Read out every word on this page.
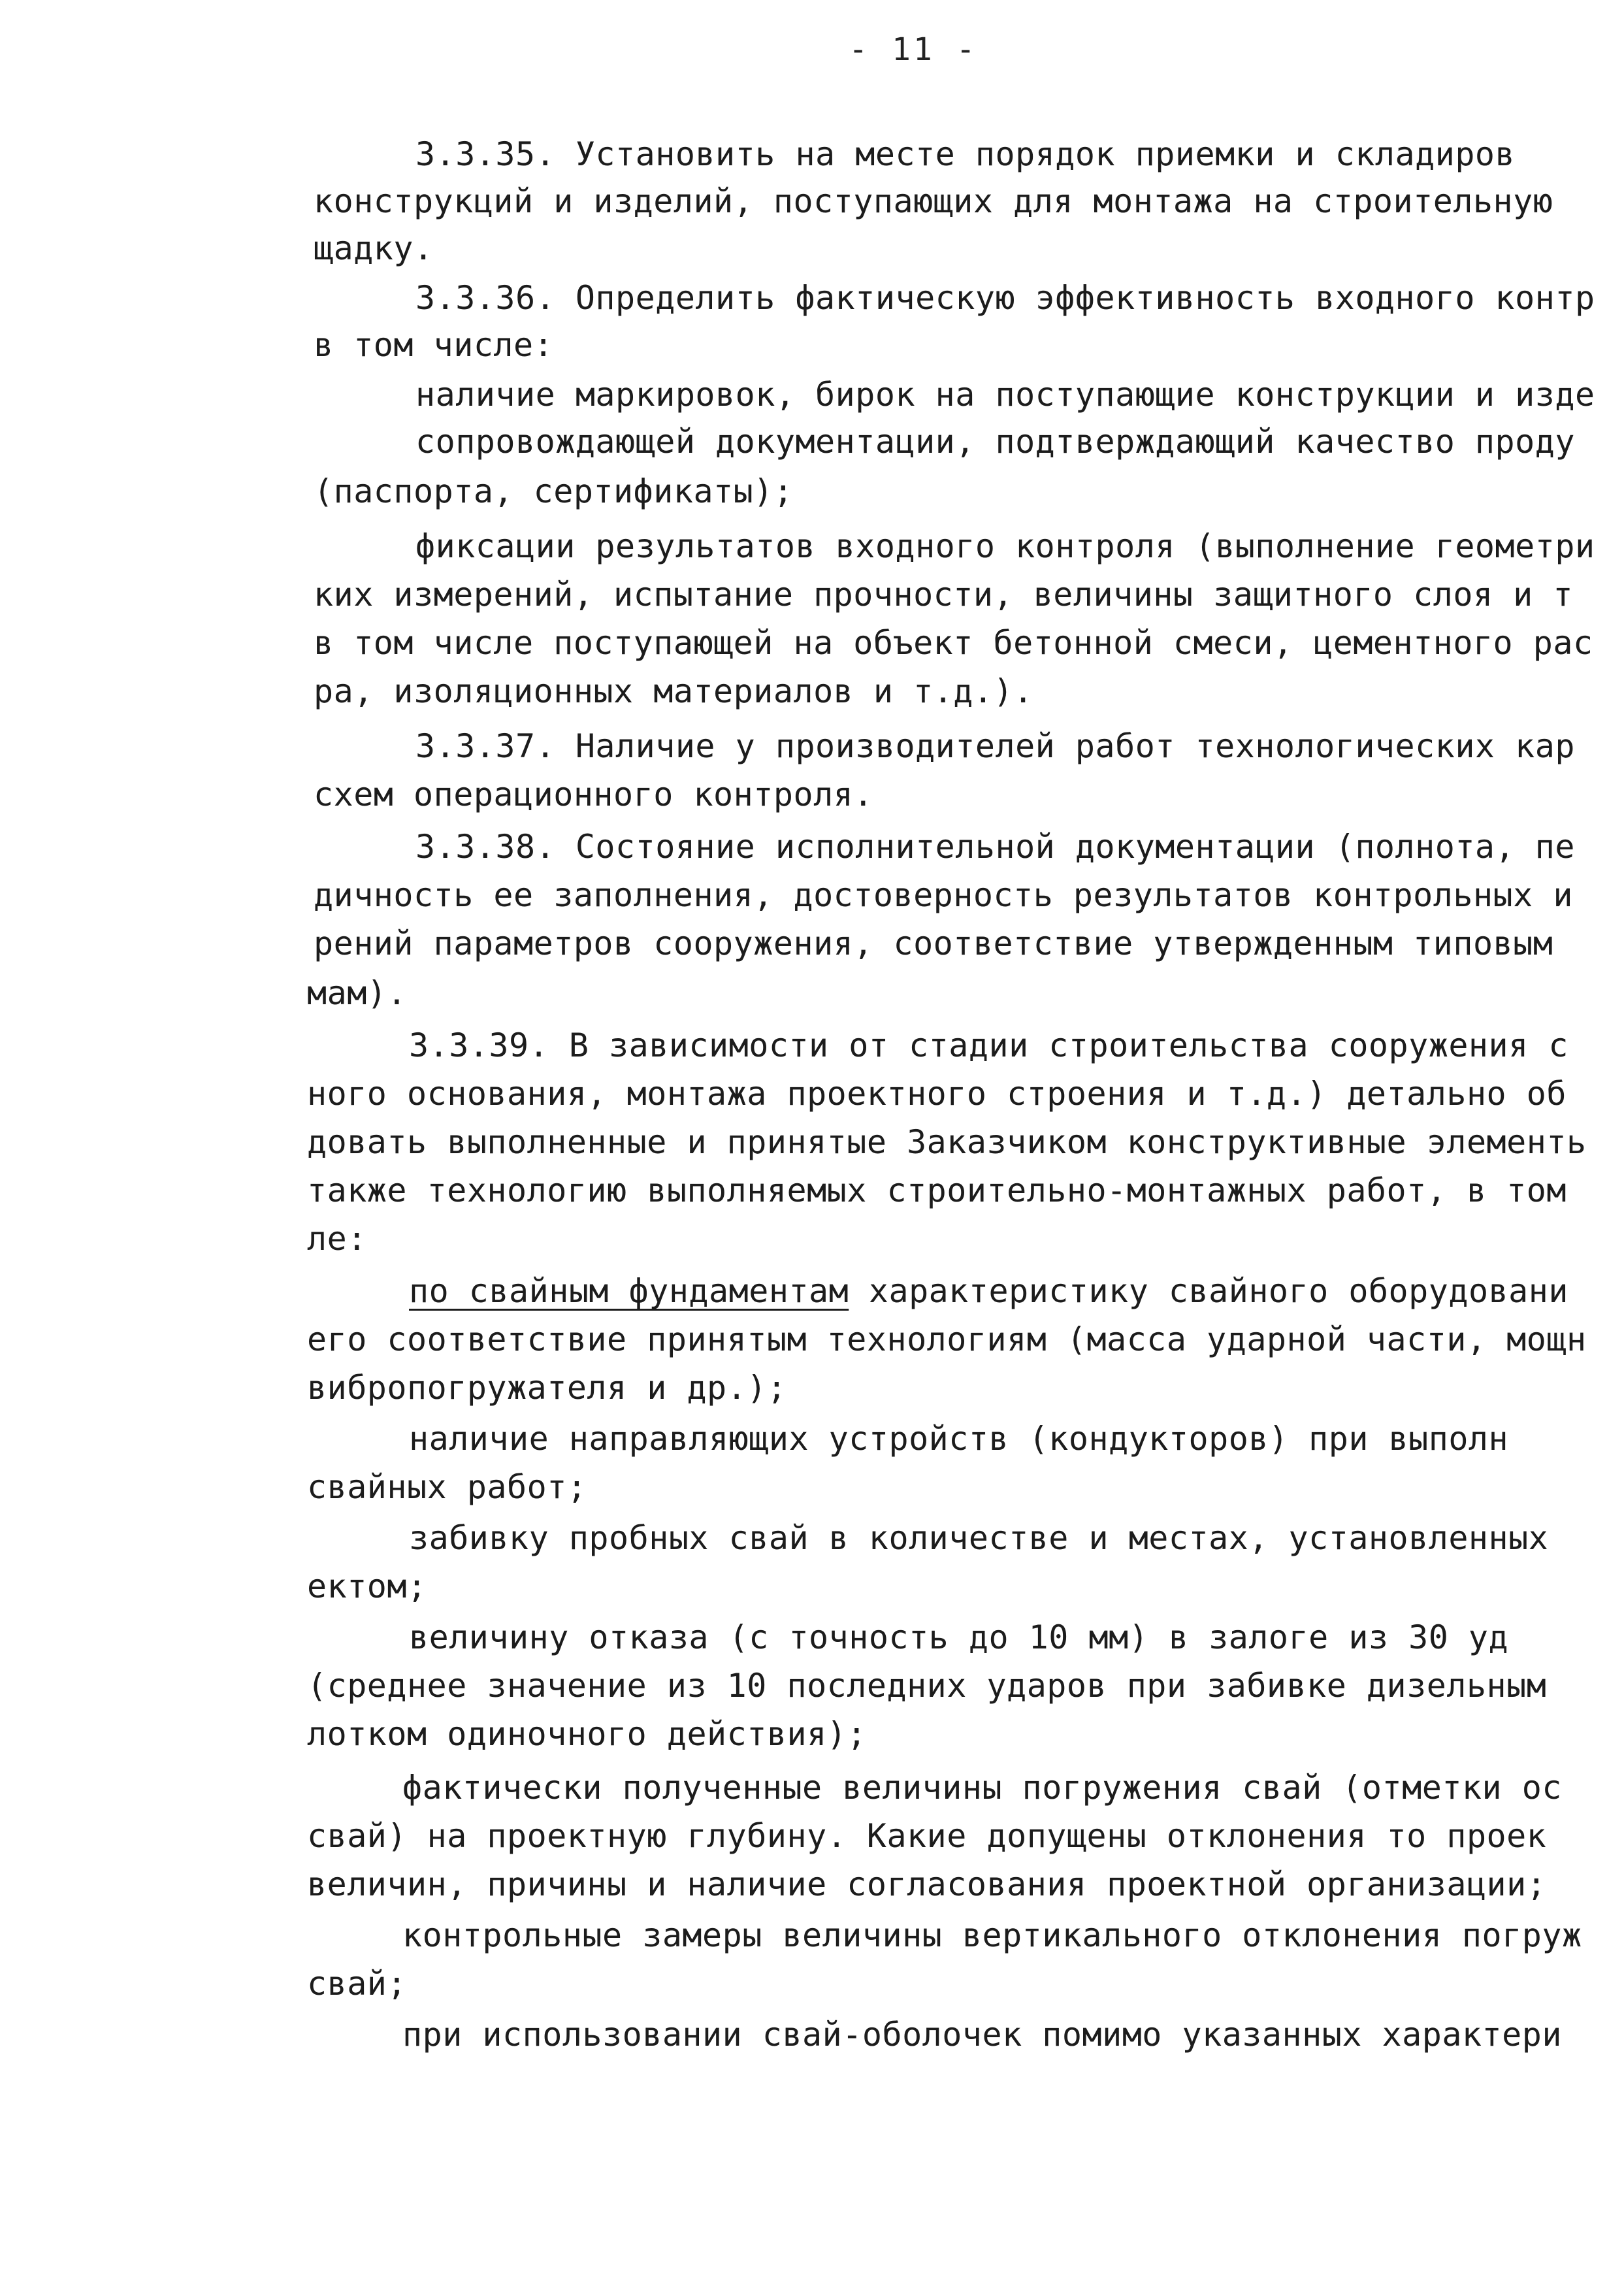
- 11 -
3.3.35. Установить на месте порядок приемки и складиров
конструкций и изделий, поступающих для монтажа на строительную
щадку.
3.3.36. Определить фактическую эффективность входного контр
в том числе:
наличие маркировок, бирок на поступающие конструкции и изде
сопровождающей документации, подтверждающий качество проду
(паспорта, сертификаты);
фиксации результатов входного контроля (выполнение геометри
ких измерений, испытание прочности, величины защитного слоя и т
в том числе поступающей на объект бетонной смеси, цементного рас
ра, изоляционных материалов и т.д.).
3.3.37. Наличие у производителей работ технологических кар
схем операционного контроля.
3.3.38. Состояние исполнительной документации (полнота, пе
дичность ее заполнения, достоверность результатов контрольных и
рений параметров сооружения, соответствие утвержденным типовым
мам).
3.3.39. В зависимости от стадии строительства сооружения с
ного основания, монтажа проектного строения и т.д.) детально об
довать выполненные и принятые Заказчиком конструктивные элементь
также технологию выполняемых строительно-монтажных работ, в том
ле:
по свайным фундаментам характеристику свайного оборудовани
его соответствие принятым технологиям (масса ударной части, мощн
вибропогружателя и др.);
наличие направляющих устройств (кондукторов) при выполн
свайных работ;
забивку пробных свай в количестве и местах, установленных
ектом;
величину отказа (с точность до 10 мм) в залоге из 30 уд
(среднее значение из 10 последних ударов при забивке дизельным
лотком одиночного действия);
фактически полученные величины погружения свай (отметки ос
свай) на проектную глубину. Какие допущены отклонения то проек
величин, причины и наличие согласования проектной организации;
контрольные замеры величины вертикального отклонения погруж
свай;
при использовании свай-оболочек помимо указанных характери
